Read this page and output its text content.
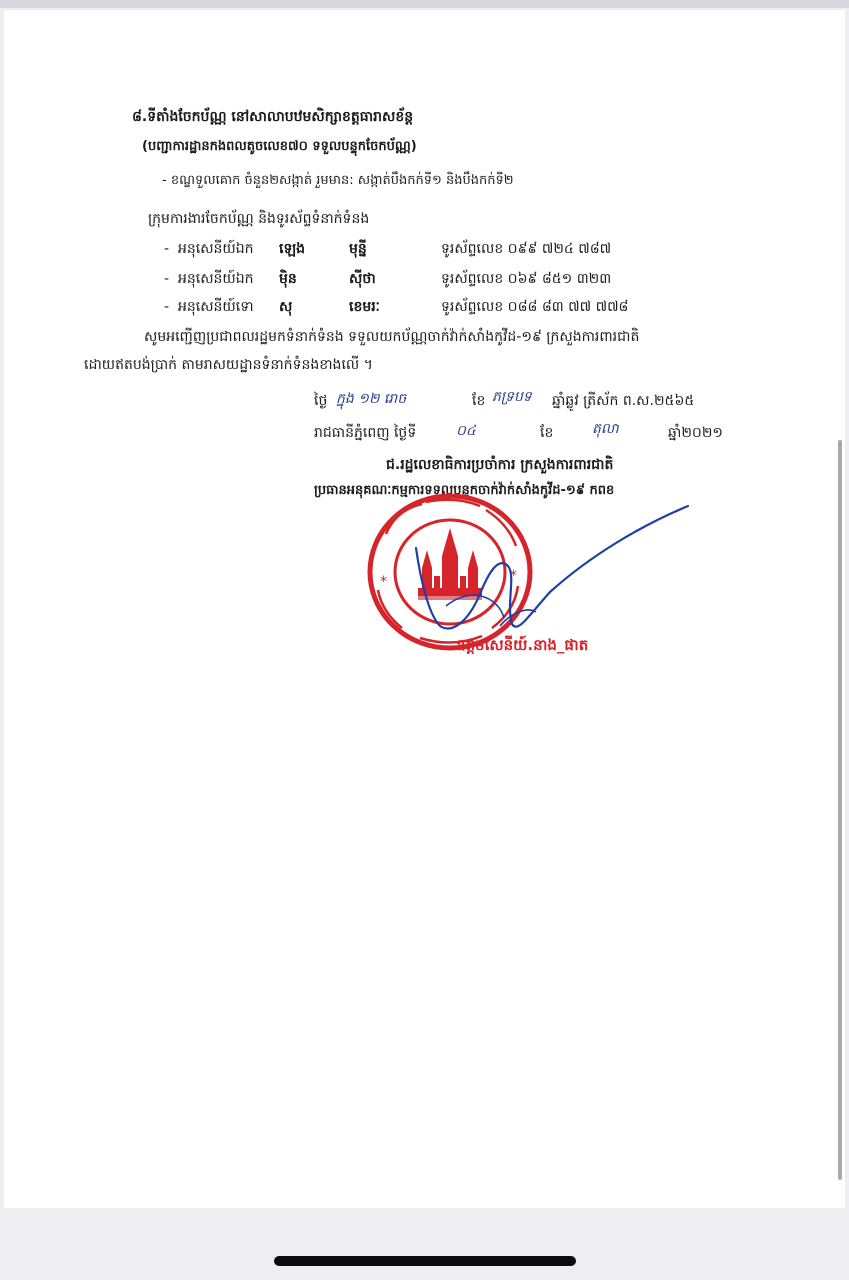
៨.ទីតាំងចែកប័ណ្ណ នៅសាលាបឋមសិក្សាខត្តធារាសខ័ន្ត
(បញ្ជាការដ្ឋានកងពលតូចលេខ៧០ ទទួលបន្ទុកចែកប័ណ្ណ)
- ខណ្ឌទួលគោក ចំនួន២សង្កាត់ រួមមាន: សង្កាត់បឹងកក់ទី១ និងបឹងកក់ទី២
ក្រុមការងារចែកប័ណ្ណ និងទូរស័ព្ទទំនាក់ទំនង
- អនុសេនីយ៍ឯក ឡេង	មុន្នី	ទូរស័ព្ទលេខ ០៩៩ ៧២៤ ៧៨៧
- អនុសេនីយ៍ឯក ម៉ិន	ស៊ីថា	ទូរស័ព្ទលេខ ០៦៩ ៨៥១ ៣២៣
- អនុសេនីយ៍ទោ សុ	ខេមរៈ	ទូរស័ព្ទលេខ ០៨៨ ៨៣ ៧៧ ៧៧៨
សូមអញ្ជើញប្រជាពលរដ្ឋមកទំនាក់ទំនង ទទួលយកប័ណ្ណចាក់វ៉ាក់សាំងកូវីដ-១៩ ក្រសួងការពារជាតិ
ដោយឥតបង់ប្រាក់ តាមរាសយដ្ឋានទំនាក់ទំនងខាងលើ ។
ថ្ងៃ ក្នុង ១២ រោច	ខែ ភទ្របទ ឆ្នាំឆ្លូវ ត្រីស័ក ព.ស.២៥៦៥
រាជធានីភ្នំពេញ ថ្ងៃទី	០៤	ខែ	តុលា	ឆ្នាំ២០២១
ជ.រដ្ឋលេខាធិការប្រចាំការ ក្រសួងការពារជាតិ
ប្រធានអនុគណៈកម្មការទទួលបន្ទុកចាក់វ៉ាក់សាំងកូវីដ-១៩ កពខ
*	*
ឧត្តមសេនីយ៍.នាង_ផាត
